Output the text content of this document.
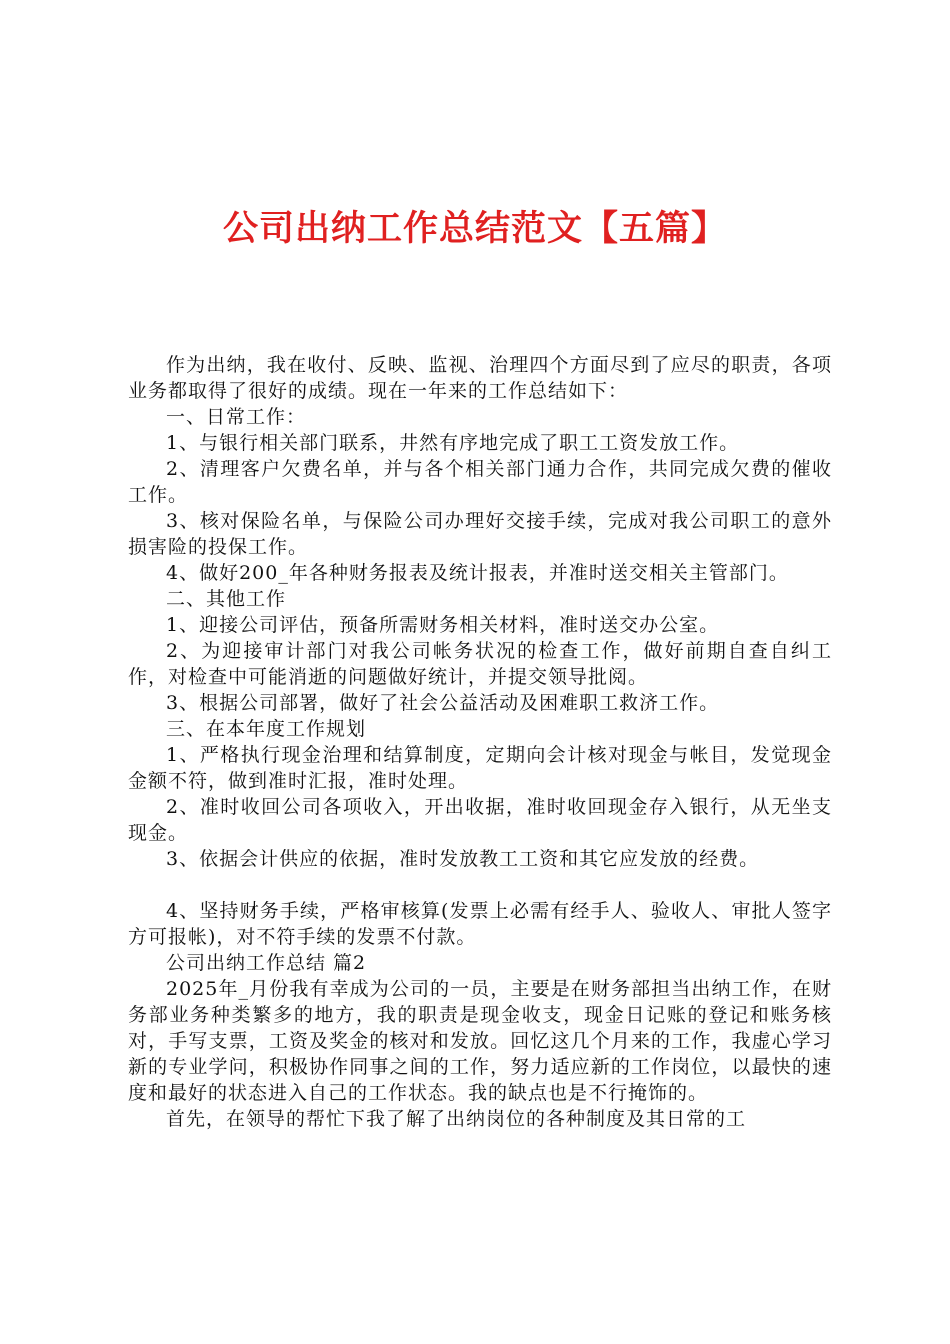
公司出纳工作总结范文【五篇】

作为出纳，我在收付、反映、监视、治理四个方面尽到了应尽的职责，各项业务都取得了很好的成绩。现在一年来的工作总结如下：

一、日常工作：

1、与银行相关部门联系，井然有序地完成了职工工资发放工作。

2、清理客户欠费名单，并与各个相关部门通力合作，共同完成欠费的催收工作。

3、核对保险名单，与保险公司办理好交接手续，完成对我公司职工的意外损害险的投保工作。

4、做好200_年各种财务报表及统计报表，并准时送交相关主管部门。

二、其他工作

1、迎接公司评估，预备所需财务相关材料，准时送交办公室。

2、为迎接审计部门对我公司帐务状况的检查工作，做好前期自查自纠工作，对检查中可能消逝的问题做好统计，并提交领导批阅。

3、根据公司部署，做好了社会公益活动及困难职工救济工作。

三、在本年度工作规划

1、严格执行现金治理和结算制度，定期向会计核对现金与帐目，发觉现金金额不符，做到准时汇报，准时处理。

2、准时收回公司各项收入，开出收据，准时收回现金存入银行，从无坐支现金。

3、依据会计供应的依据，准时发放教工工资和其它应发放的经费。

4、坚持财务手续，严格审核算(发票上必需有经手人、验收人、审批人签字方可报帐)，对不符手续的发票不付款。

公司出纳工作总结 篇2

2025年_月份我有幸成为公司的一员，主要是在财务部担当出纳工作，在财务部业务种类繁多的地方，我的职责是现金收支，现金日记账的登记和账务核对，手写支票，工资及奖金的核对和发放。回忆这几个月来的工作，我虚心学习新的专业学问，积极协作同事之间的工作，努力适应新的工作岗位，以最快的速度和最好的状态进入自己的工作状态。我的缺点也是不行掩饰的。

首先，在领导的帮忙下我了解了出纳岗位的各种制度及其日常的工
